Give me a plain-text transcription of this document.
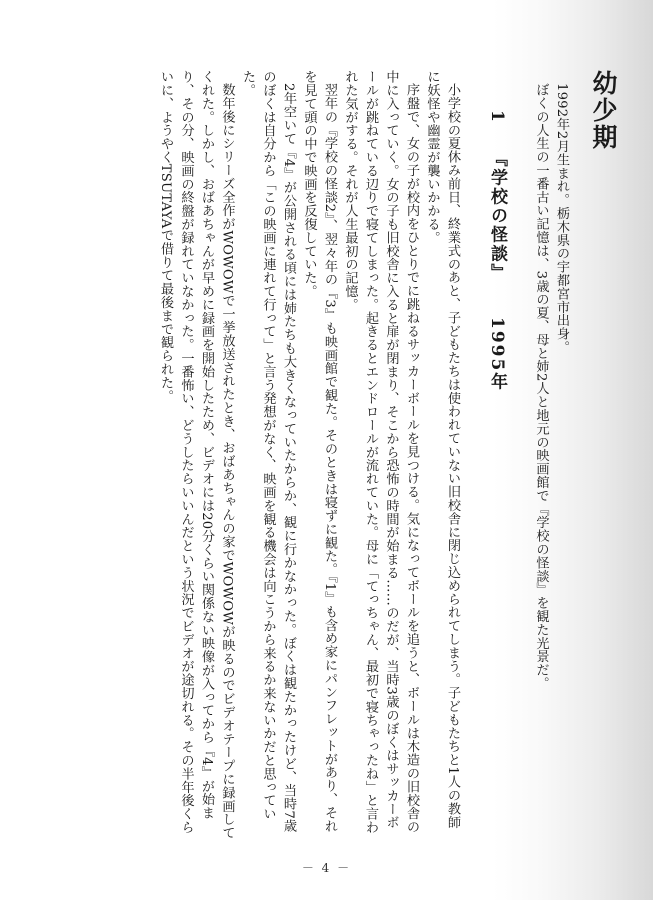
幼少期

1992年2月生まれ。栃木県の宇都宮市出身。

ぼくの人生の一番古い記憶は、3歳の夏、母と姉2人と地元の映画館で『学校の怪談』を観た光景だ。

1 『学校の怪談』 1995年

小学校の夏休み前日、終業式のあと、子どもたちは使われていない旧校舎に閉じ込められてしまう。子どもたちと1人の教師に妖怪や幽霊が襲いかかる。

序盤で、女の子が校内をひとりでに跳ねるサッカーボールを見つける。気になってボールを追うと、ボールは木造の旧校舎の中に入っていく。女の子も旧校舎に入ると扉が閉まり、そこから恐怖の時間が始まる……のだが、当時3歳のぼくはサッカーボールが跳ねている辺りで寝てしまった。起きるとエンドロールが流れていた。母に「てっちゃん、最初で寝ちゃったね」と言われた気がする。それが人生最初の記憶。

翌年の『学校の怪談2』、翌々年の『3』も映画館で観た。そのときは寝ずに観た。『1』も含め家にパンフレットがあり、それを見て頭の中で映画を反復していた。

2年空いて『4』が公開される頃には姉たちも大きくなっていたからか、観に行かなかった。ぼくは観たかったけど、当時7歳のぼくは自分から「この映画に連れて行って」と言う発想がなく、映画を観る機会は向こうから来るか来ないかだと思っていた。

数年後にシリーズ全作がWOWOWで一挙放送されたとき、おばあちゃんの家でWOWOWが映るのでビデオテープに録画してくれた。しかし、おばあちゃんが早めに録画を開始したため、ビデオには20分くらい関係ない映像が入ってから『4』が始まり、その分、映画の終盤が録れていなかった。一番怖い、どうしたらいいんだという状況でビデオが途切れる。その半年後くらいに、ようやくTSUTAYAで借りて最後まで観られた。

－ 4 －
